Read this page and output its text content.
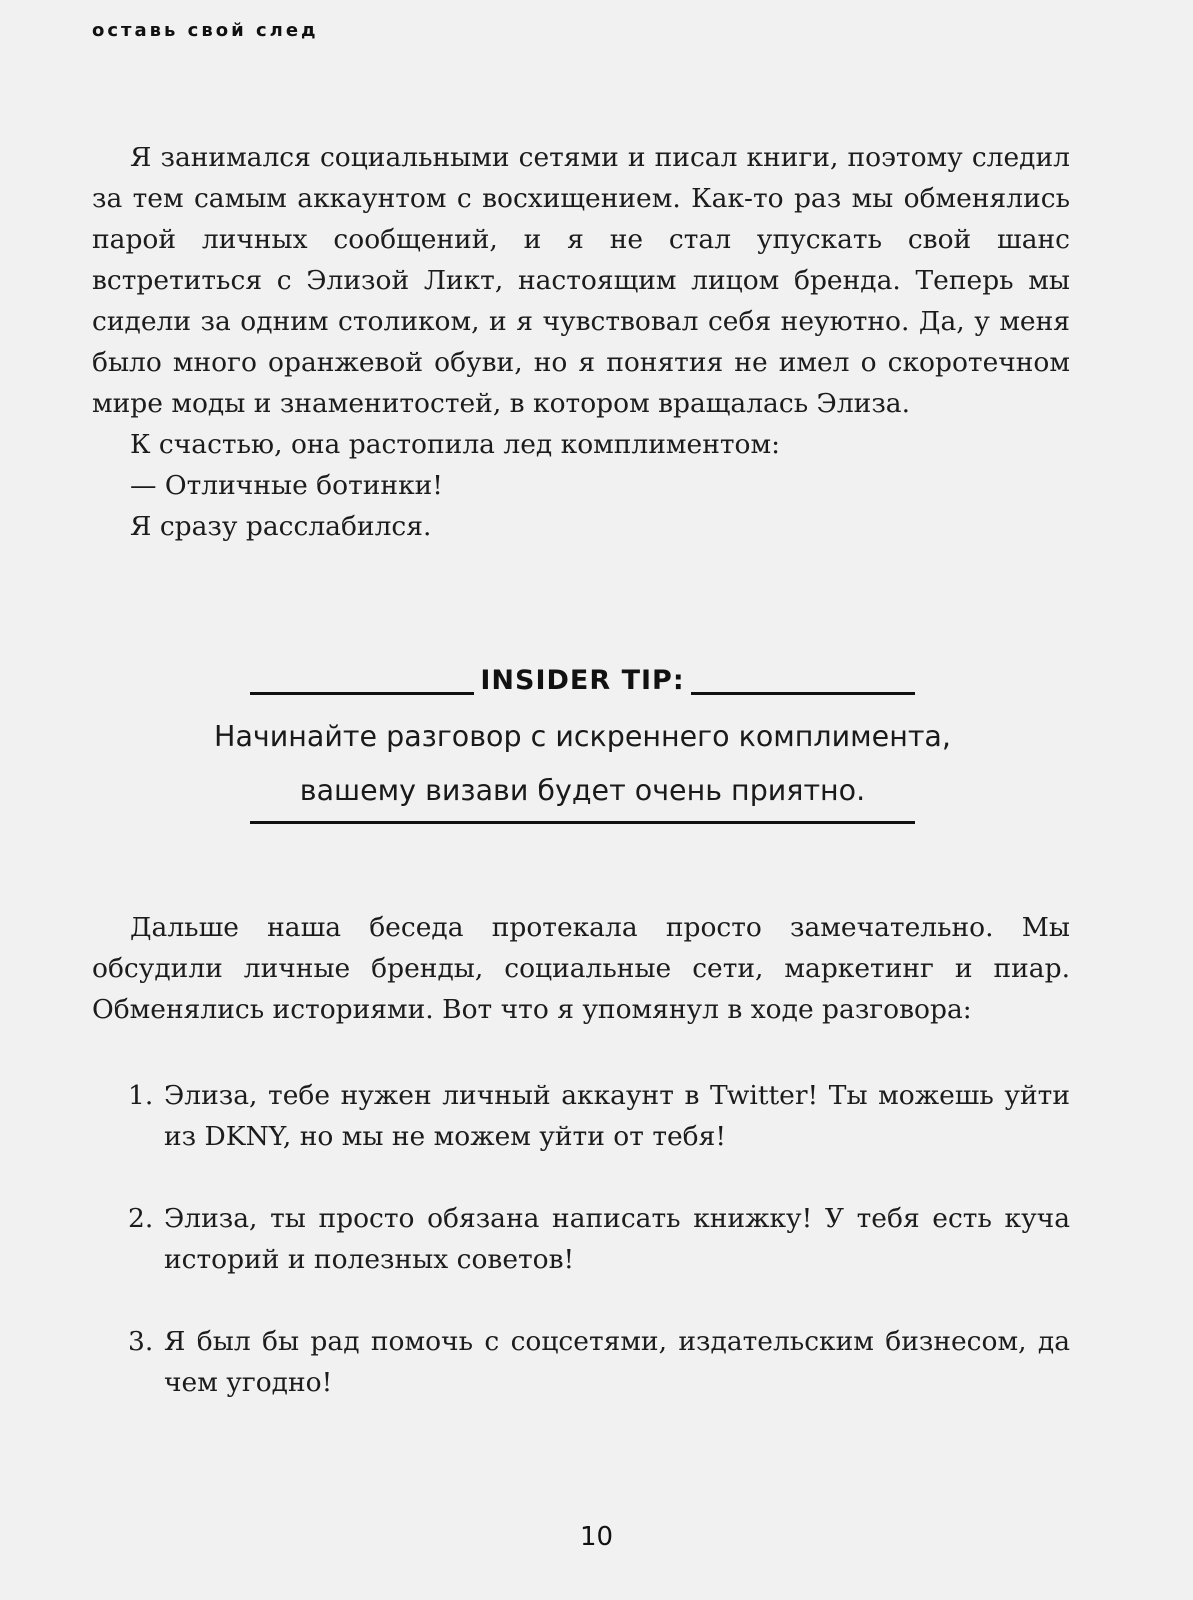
оставь свой след

Я занимался социальными сетями и писал книги, поэтому следил за тем самым аккаунтом с восхищением. Как-то раз мы обменялись парой личных сообщений, и я не стал упускать свой шанс встретиться с Элизой Ликт, настоящим лицом бренда. Теперь мы сидели за одним столиком, и я чувствовал себя неуютно. Да, у меня было много оранжевой обуви, но я понятия не имел о скоротечном мире моды и знаменитостей, в котором вращалась Элиза.

К счастью, она растопила лед комплиментом:

— Отличные ботинки!

Я сразу расслабился.

INSIDER TIP:
Начинайте разговор с искреннего комплимента,
вашему визави будет очень приятно.

Дальше наша беседа протекала просто замечательно. Мы обсудили личные бренды, социальные сети, маркетинг и пиар. Обменялись историями. Вот что я упомянул в ходе разговора:

1. Элиза, тебе нужен личный аккаунт в Twitter! Ты можешь уйти из DKNY, но мы не можем уйти от тебя!
2. Элиза, ты просто обязана написать книжку! У тебя есть куча историй и полезных советов!
3. Я был бы рад помочь с соцсетями, издательским бизнесом, да чем угодно!
10
